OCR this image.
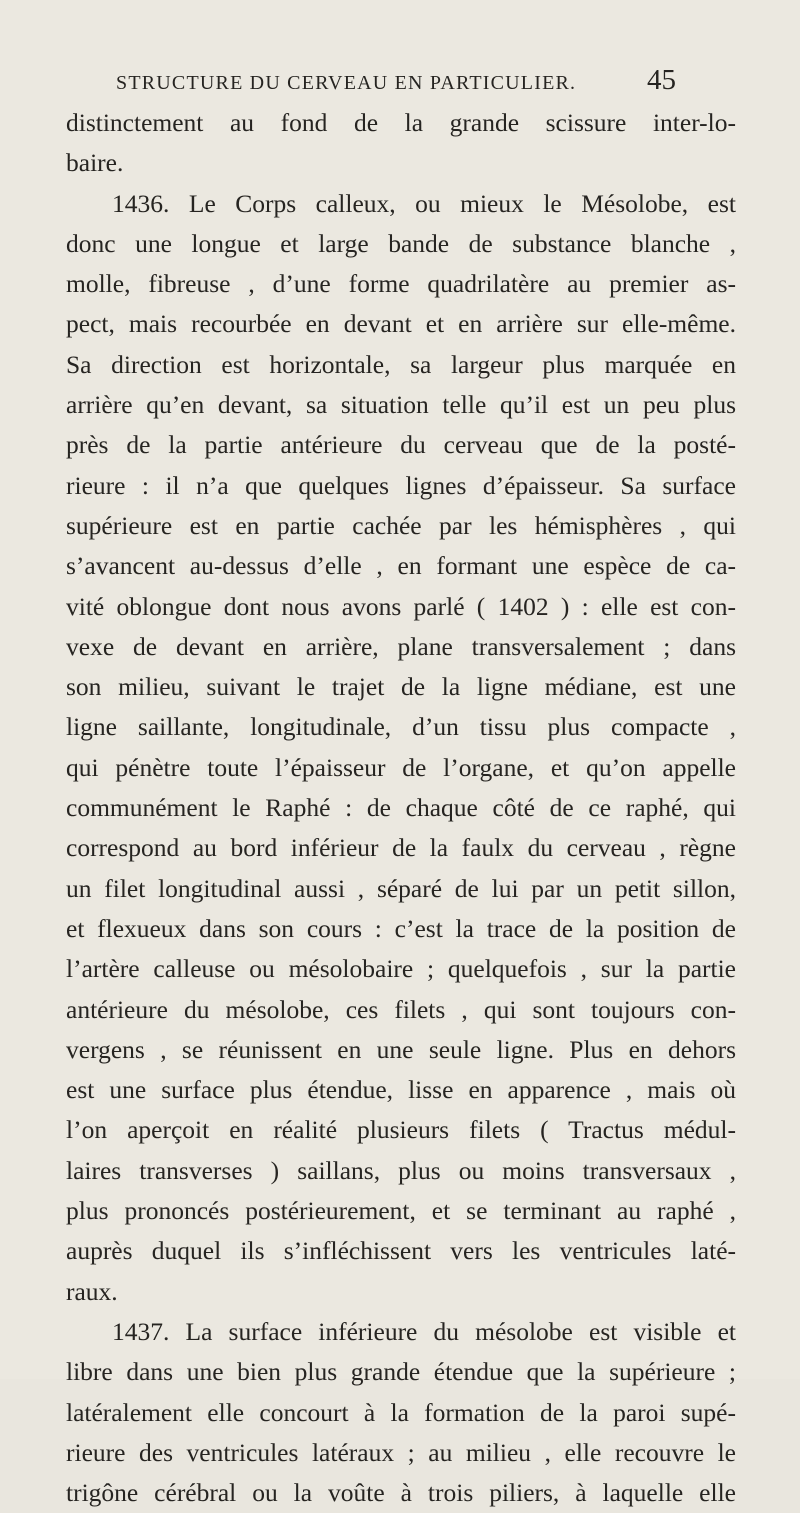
STRUCTURE DU CERVEAU EN PARTICULIER. 45
distinctement au fond de la grande scissure inter-lo-
baire.
1436. Le Corps calleux, ou mieux le Mésolobe, est
donc une longue et large bande de substance blanche ,
molle, fibreuse , d’une forme quadrilatère au premier as-
pect, mais recourbée en devant et en arrière sur elle-même.
Sa direction est horizontale, sa largeur plus marquée en
arrière qu’en devant, sa situation telle qu’il est un peu plus
près de la partie antérieure du cerveau que de la posté-
rieure : il n’a que quelques lignes d’épaisseur. Sa surface
supérieure est en partie cachée par les hémisphères , qui
s’avancent au-dessus d’elle , en formant une espèce de ca-
vité oblongue dont nous avons parlé ( 1402 ) : elle est con-
vexe de devant en arrière, plane transversalement ; dans
son milieu, suivant le trajet de la ligne médiane, est une
ligne saillante, longitudinale, d’un tissu plus compacte ,
qui pénètre toute l’épaisseur de l’organe, et qu’on appelle
communément le Raphé : de chaque côté de ce raphé, qui
correspond au bord inférieur de la faulx du cerveau , règne
un filet longitudinal aussi , séparé de lui par un petit sillon,
et flexueux dans son cours : c’est la trace de la position de
l’artère calleuse ou mésolobaire ; quelquefois , sur la partie
antérieure du mésolobe, ces filets , qui sont toujours con-
vergens , se réunissent en une seule ligne. Plus en dehors
est une surface plus étendue, lisse en apparence , mais où
l’on aperçoit en réalité plusieurs filets ( Tractus médul-
laires transverses ) saillans, plus ou moins transversaux ,
plus prononcés postérieurement, et se terminant au raphé ,
auprès duquel ils s’infléchissent vers les ventricules laté-
raux.
1437. La surface inférieure du mésolobe est visible et
libre dans une bien plus grande étendue que la supérieure ;
latéralement elle concourt à la formation de la paroi supé-
rieure des ventricules latéraux ; au milieu , elle recouvre le
trigône cérébral ou la voûte à trois piliers, à laquelle elle
